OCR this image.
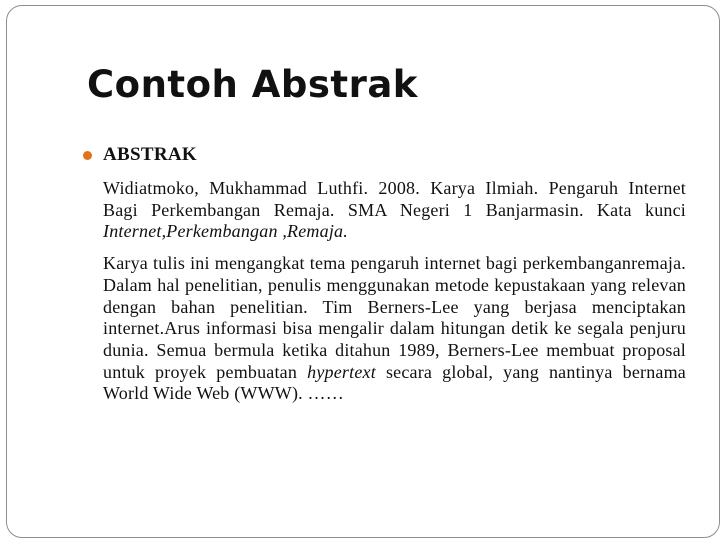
Contoh Abstrak
ABSTRAK

Widiatmoko, Mukhammad Luthfi. 2008. Karya Ilmiah. Pengaruh Internet Bagi Perkembangan Remaja. SMA Negeri 1 Banjarmasin. Kata kunci Internet,Perkembangan ,Remaja.

Karya tulis ini mengangkat tema pengaruh internet bagi perkembanganremaja. Dalam hal penelitian, penulis menggunakan metode kepustakaan yang relevan dengan bahan penelitian. Tim Berners-Lee yang berjasa menciptakan internet.Arus informasi bisa mengalir dalam hitungan detik ke segala penjuru dunia. Semua bermula ketika ditahun 1989, Berners-Lee membuat proposal untuk proyek pembuatan hypertext secara global, yang nantinya bernama World Wide Web (WWW). ……
